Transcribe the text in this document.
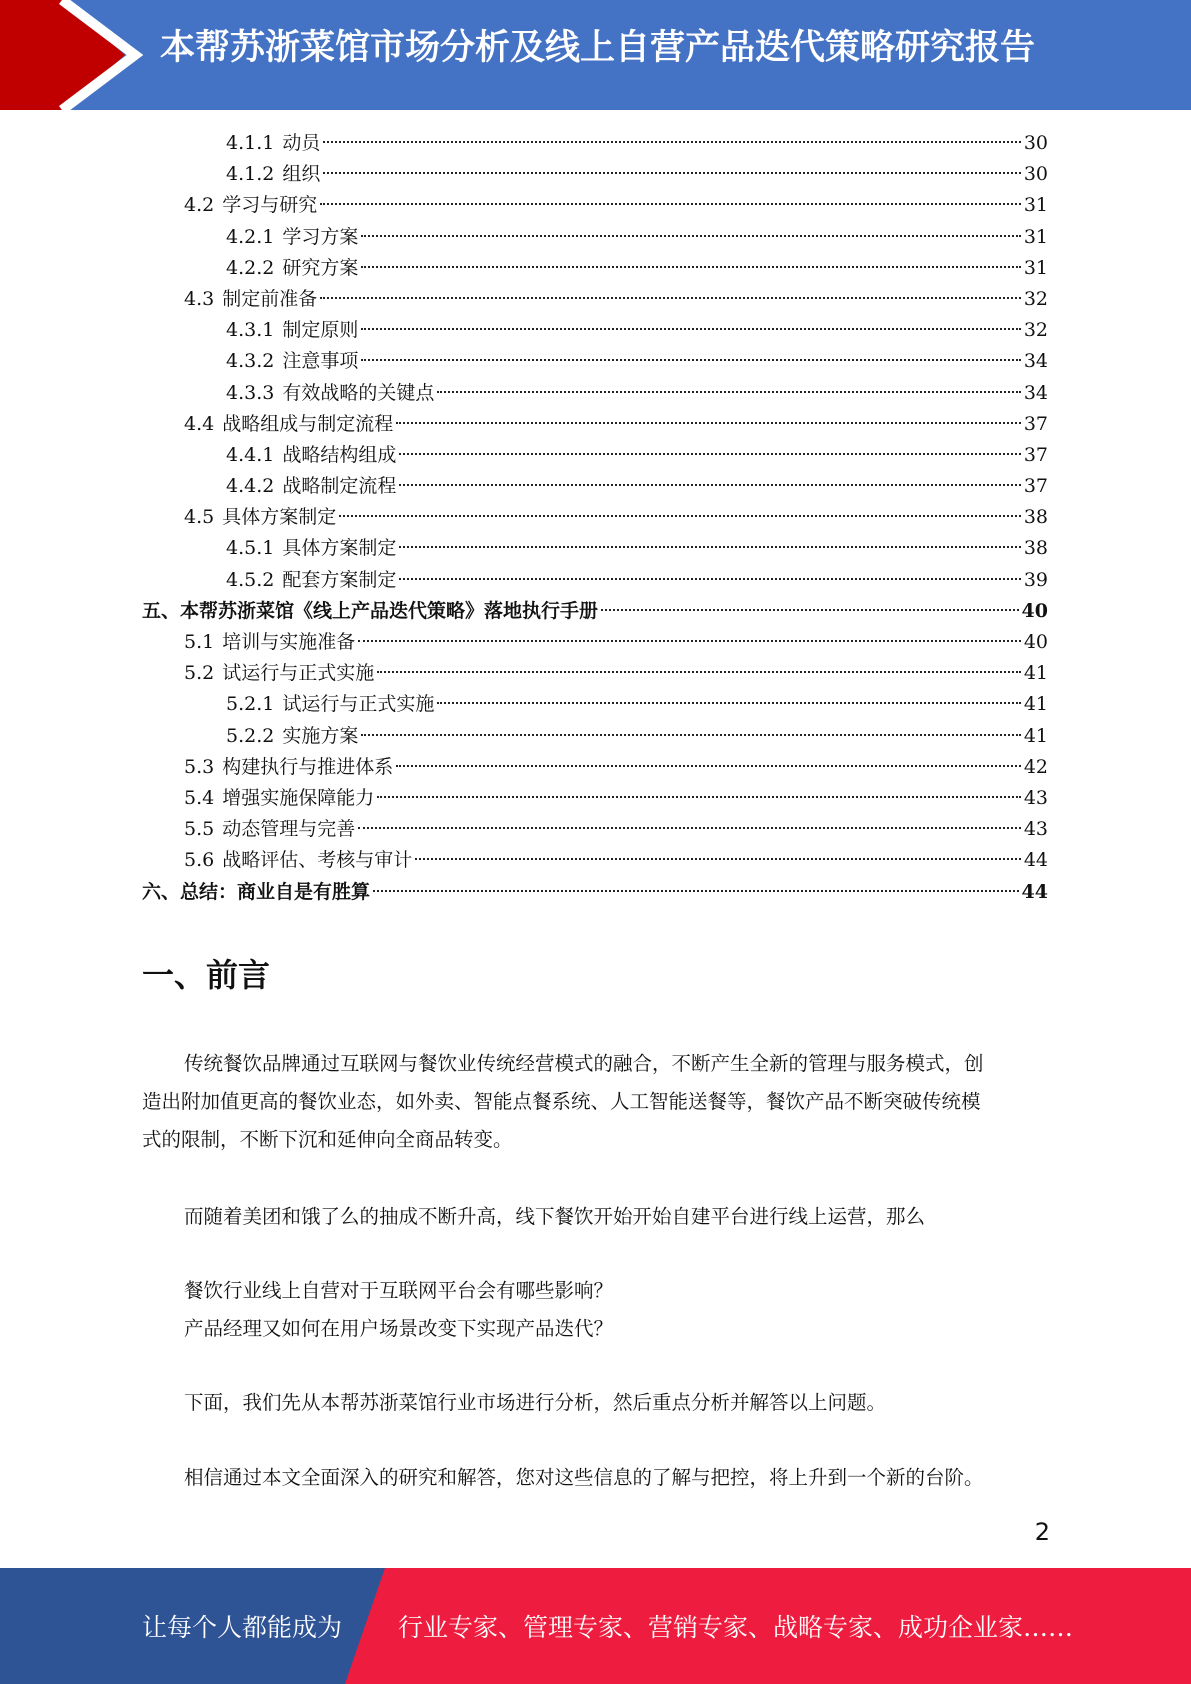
本帮苏浙菜馆市场分析及线上自营产品迭代策略研究报告
4.1.1 动员	30
4.1.2 组织	30
4.2 学习与研究	31
4.2.1 学习方案	31
4.2.2 研究方案	31
4.3 制定前准备	32
4.3.1 制定原则	32
4.3.2 注意事项	34
4.3.3 有效战略的关键点	34
4.4 战略组成与制定流程	37
4.4.1 战略结构组成	37
4.4.2 战略制定流程	37
4.5 具体方案制定	38
4.5.1 具体方案制定	38
4.5.2 配套方案制定	39
五、 本帮苏浙菜馆《线上产品迭代策略》落地执行手册	40
5.1 培训与实施准备	40
5.2 试运行与正式实施	41
5.2.1 试运行与正式实施	41
5.2.2 实施方案	41
5.3 构建执行与推进体系	42
5.4 增强实施保障能力	43
5.5 动态管理与完善	43
5.6 战略评估、考核与审计	44
六、 总结：商业自是有胜算	44
一、前言
传统餐饮品牌通过互联网与餐饮业传统经营模式的融合，不断产生全新的管理与服务模式，创
造出附加值更高的餐饮业态，如外卖、智能点餐系统、人工智能送餐等，餐饮产品不断突破传统模
式的限制，不断下沉和延伸向全商品转变。
而随着美团和饿了么的抽成不断升高，线下餐饮开始开始自建平台进行线上运营，那么
餐饮行业线上自营对于互联网平台会有哪些影响？
产品经理又如何在用户场景改变下实现产品迭代？
下面，我们先从本帮苏浙菜馆行业市场进行分析，然后重点分析并解答以上问题。
相信通过本文全面深入的研究和解答，您对这些信息的了解与把控，将上升到一个新的台阶。
2
让每个人都能成为 行业专家、管理专家、营销专家、战略专家、成功企业家……
